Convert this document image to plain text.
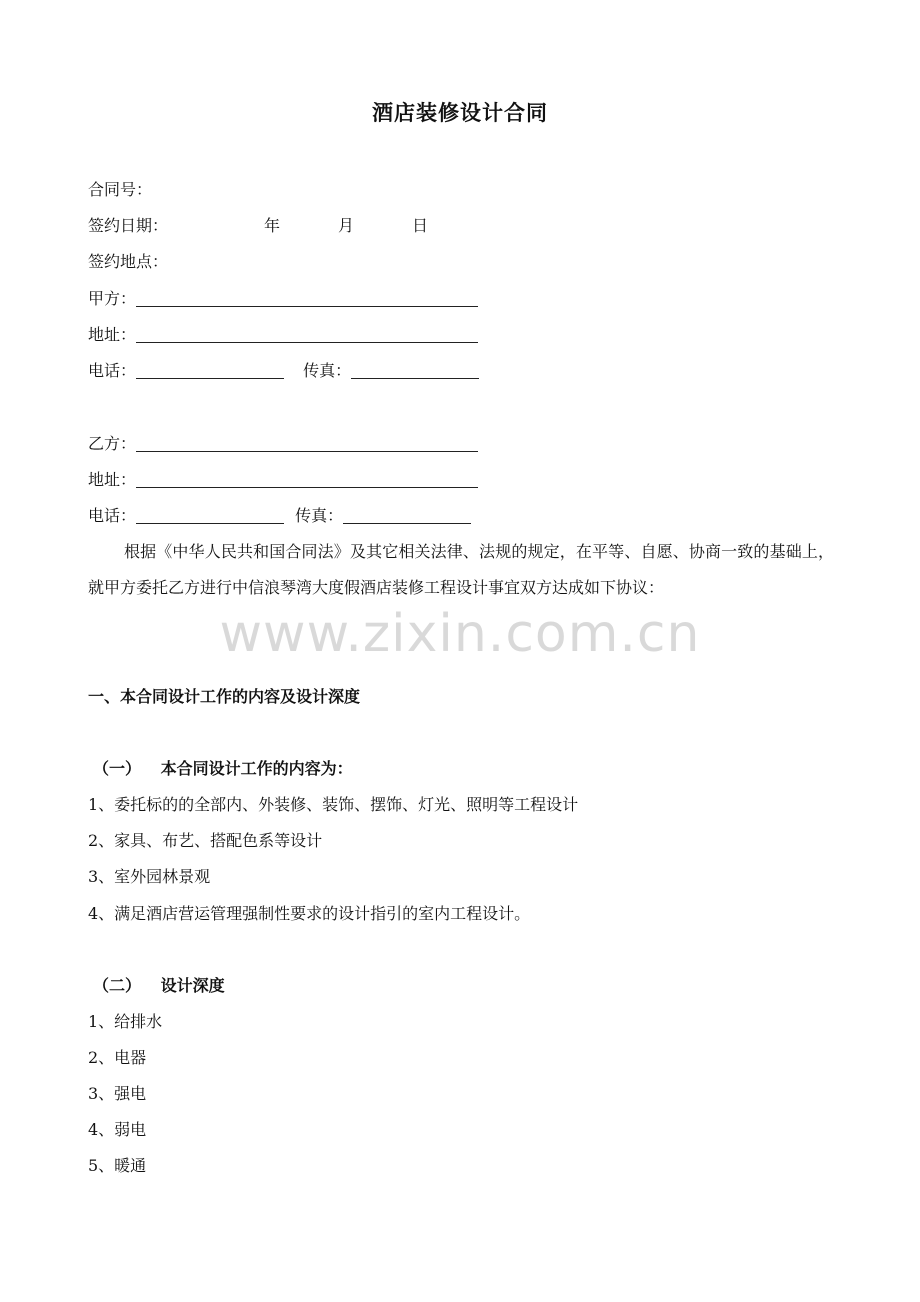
酒店装修设计合同
合同号：
签约日期：	年	月	日
签约地点：
甲方：
地址：
电话：	传真：
乙方：
地址：
电话：	传真：
根据《中华人民共和国合同法》及其它相关法律、法规的规定，在平等、自愿、协商一致的基础上，就甲方委托乙方进行中信浪琴湾大度假酒店装修工程设计事宜双方达成如下协议：
www.zixin.com.cn
一、本合同设计工作的内容及设计深度
（一） 本合同设计工作的内容为：
1、委托标的的全部内、外装修、装饰、摆饰、灯光、照明等工程设计
2、家具、布艺、搭配色系等设计
3、室外园林景观
4、满足酒店营运管理强制性要求的设计指引的室内工程设计。
（二） 设计深度
1、给排水
2、电器
3、强电
4、弱电
5、暖通
